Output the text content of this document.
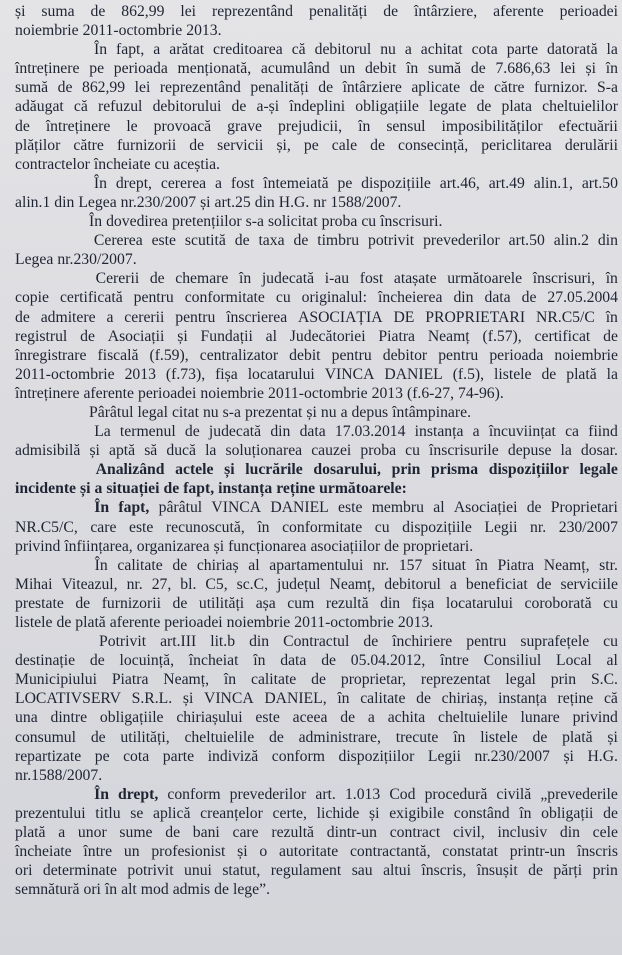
și suma de 862,99 lei reprezentând penalități de întârziere, aferente perioadei
noiembrie 2011-octombrie 2013.
În fapt, a arătat creditoarea că debitorul nu a achitat cota parte datorată la
întreținere pe perioada menționată, acumulând un debit în sumă de 7.686,63 lei și în
sumă de 862,99 lei reprezentând penalități de întârziere aplicate de către furnizor. S-a
adăugat că refuzul debitorului de a-și îndeplini obligațiile legate de plata cheltuielilor
de întreținere le provoacă grave prejudicii, în sensul imposibilităților efectuării
plăților către furnizorii de servicii și, pe cale de consecință, periclitarea derulării
contractelor încheiate cu aceștia.
În drept, cererea a fost întemeiată pe dispozițiile art.46, art.49 alin.1, art.50
alin.1 din Legea nr.230/2007 și art.25 din H.G. nr 1588/2007.
În dovedirea pretențiilor s-a solicitat proba cu înscrisuri.
Cererea este scutită de taxa de timbru potrivit prevederilor art.50 alin.2 din
Legea nr.230/2007.
Cererii de chemare în judecată i-au fost atașate următoarele înscrisuri, în
copie certificată pentru conformitate cu originalul: încheierea din data de 27.05.2004
de admitere a cererii pentru înscrierea ASOCIAȚIA DE PROPRIETARI NR.C5/C în
registrul de Asociații și Fundații al Judecătoriei Piatra Neamț (f.57), certificat de
înregistrare fiscală (f.59), centralizator debit pentru debitor pentru perioada noiembrie
2011-octombrie 2013 (f.73), fișa locatarului VINCA DANIEL (f.5), listele de plată la
întreținere aferente perioadei noiembrie 2011-octombrie 2013 (f.6-27, 74-96).
Pârâtul legal citat nu s-a prezentat și nu a depus întâmpinare.
La termenul de judecată din data 17.03.2014 instanța a încuviințat ca fiind
admisibilă și aptă să ducă la soluționarea cauzei proba cu înscrisurile depuse la dosar.
Analizând actele și lucrările dosarului, prin prisma dispozițiilor legale
incidente și a situației de fapt, instanța reține următoarele:
În fapt, pârâtul VINCA DANIEL este membru al Asociației de Proprietari
NR.C5/C, care este recunoscută, în conformitate cu dispozițiile Legii nr. 230/2007
privind înființarea, organizarea și funcționarea asociațiilor de proprietari.
În calitate de chiriaș al apartamentului nr. 157 situat în Piatra Neamț, str.
Mihai Viteazul, nr. 27, bl. C5, sc.C, județul Neamț, debitorul a beneficiat de serviciile
prestate de furnizorii de utilități așa cum rezultă din fișa locatarului coroborată cu
listele de plată aferente perioadei noiembrie 2011-octombrie 2013.
Potrivit art.III lit.b din Contractul de închiriere pentru suprafețele cu
destinație de locuință, încheiat în data de 05.04.2012, între Consiliul Local al
Municipiului Piatra Neamț, în calitate de proprietar, reprezentat legal prin S.C.
LOCATIVSERV S.R.L. și VINCA DANIEL, în calitate de chiriaș, instanța reține că
una dintre obligațiile chiriașului este aceea de a achita cheltuielile lunare privind
consumul de utilități, cheltuielile de administrare, trecute în listele de plată și
repartizate pe cota parte indiviză conform dispozițiilor Legii nr.230/2007 și H.G.
nr.1588/2007.
În drept, conform prevederilor art. 1.013 Cod procedură civilă „prevederile
prezentului titlu se aplică creanțelor certe, lichide și exigibile constând în obligații de
plată a unor sume de bani care rezultă dintr-un contract civil, inclusiv din cele
încheiate între un profesionist și o autoritate contractantă, constatat printr-un înscris
ori determinate potrivit unui statut, regulament sau altui înscris, însușit de părți prin
semnătură ori în alt mod admis de lege”.
